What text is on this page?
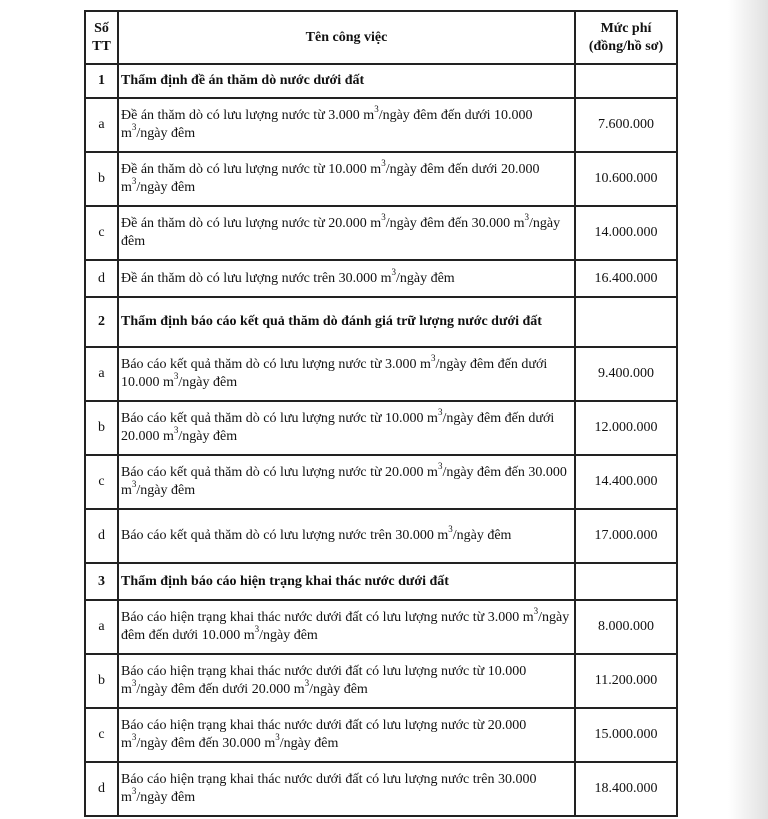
Số TT	Tên công việc	Mức phí (đồng/hồ sơ)
1	Thẩm định đề án thăm dò nước dưới đất	
a	Đề án thăm dò có lưu lượng nước từ 3.000 $m^3$/ngày đêm đến dưới 10.000 $m^3$/ngày đêm	7.600.000
b	Đề án thăm dò có lưu lượng nước từ 10.000 $m^3$/ngày đêm đến dưới 20.000 $m^3$/ngày đêm	10.600.000
c	Đề án thăm dò có lưu lượng nước từ 20.000 $m^3$/ngày đêm đến 30.000 $m^3$/ngày đêm	14.000.000
d	Đề án thăm dò có lưu lượng nước trên 30.000 $m^3$/ngày đêm	16.400.000
2	Thẩm định báo cáo kết quả thăm dò đánh giá trữ lượng nước dưới đất	
a	Báo cáo kết quả thăm dò có lưu lượng nước từ 3.000 $m^3$/ngày đêm đến dưới 10.000 $m^3$/ngày đêm	9.400.000
b	Báo cáo kết quả thăm dò có lưu lượng nước từ 10.000 $m^3$/ngày đêm đến dưới 20.000 $m^3$/ngày đêm	12.000.000
c	Báo cáo kết quả thăm dò có lưu lượng nước từ 20.000 $m^3$/ngày đêm đến 30.000 $m^3$/ngày đêm	14.400.000
d	Báo cáo kết quả thăm dò có lưu lượng nước trên 30.000 $m^3$/ngày đêm	17.000.000
3	Thẩm định báo cáo hiện trạng khai thác nước dưới đất	
a	Báo cáo hiện trạng khai thác nước dưới đất có lưu lượng nước từ 3.000 $m^3$/ngày đêm đến dưới 10.000 $m^3$/ngày đêm	8.000.000
b	Báo cáo hiện trạng khai thác nước dưới đất có lưu lượng nước từ 10.000 $m^3$/ngày đêm đến dưới 20.000 $m^3$/ngày đêm	11.200.000
c	Báo cáo hiện trạng khai thác nước dưới đất có lưu lượng nước từ 20.000 $m^3$/ngày đêm đến 30.000 $m^3$/ngày đêm	15.000.000
d	Báo cáo hiện trạng khai thác nước dưới đất có lưu lượng nước trên 30.000 $m^3$/ngày đêm	18.400.000
